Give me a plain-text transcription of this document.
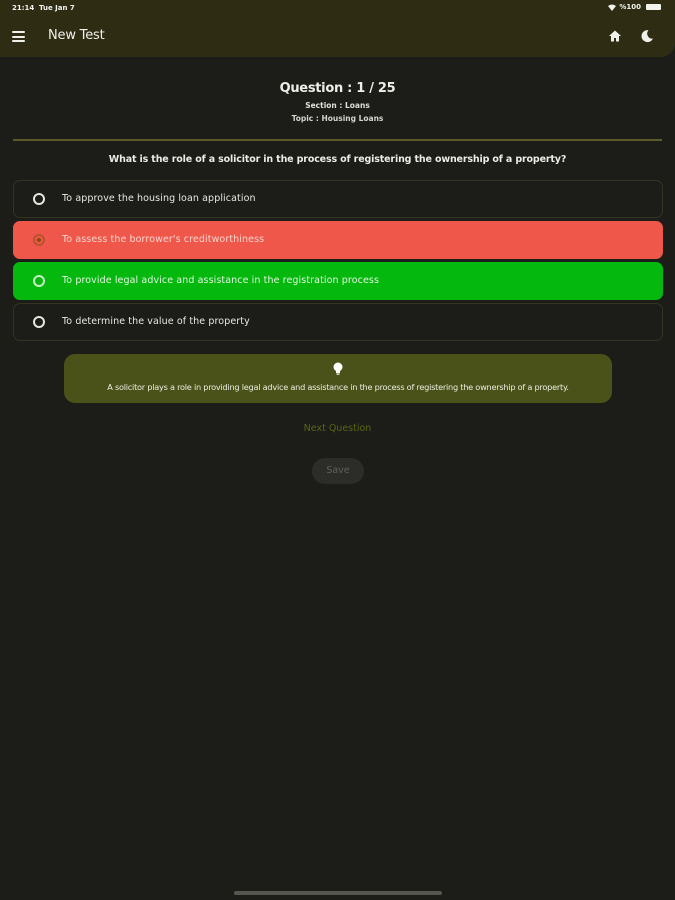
21:14 Tue Jan 7	%100
New Test
Question : 1 / 25
Section : Loans
Topic : Housing Loans
What is the role of a solicitor in the process of registering the ownership of a property?
To approve the housing loan application
To assess the borrower's creditworthiness
To provide legal advice and assistance in the registration process
To determine the value of the property
A solicitor plays a role in providing legal advice and assistance in the process of registering the ownership of a property.
Next Question
Save
